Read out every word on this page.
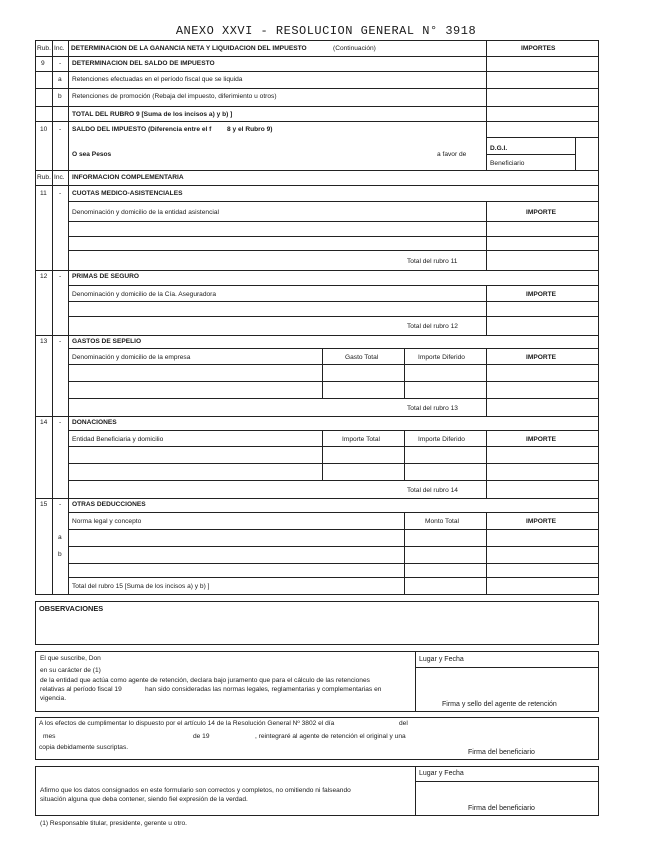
ANEXO XXVI - RESOLUCION GENERAL N° 3918
Rub. Inc. DETERMINACION DE LA GANANCIA NETA Y LIQUIDACION DEL IMPUESTO	(Continuación)	IMPORTES
9 - DETERMINACION DEL SALDO DE IMPUESTO
a Retenciones efectuadas en el período fiscal que se liquida
b Retenciones de promoción (Rebaja del impuesto, diferimiento u otros)
TOTAL DEL RUBRO 9 [Suma de los incisos a) y b) ]
10 - SALDO DEL IMPUESTO (Diferencia entre el f 8 y el Rubro 9)
O sea Pesos	a favor de
D.G.I.
Beneficiario
Rub. Inc. INFORMACION COMPLEMENTARIA
11 - CUOTAS MEDICO-ASISTENCIALES
Denominación y domicilio de la entidad asistencial	IMPORTE
Total del rubro 11
12 - PRIMAS DE SEGURO
Denominación y domicilio de la Cía. Aseguradora	IMPORTE
Total del rubro 12
13 - GASTOS DE SEPELIO
Denominación y domicilio de la empresa	Gasto Total	Importe Diferido	IMPORTE
Total del rubro 13
14 - DONACIONES
Entidad Beneficiaria y domicilio	Importe Total	Importe Diferido	IMPORTE
Total del rubro 14
15 - OTRAS DEDUCCIONES
Norma legal y concepto	Monto Total	IMPORTE
a
b
Total del rubro 15 [Suma de los incisos a) y b) ]
OBSERVACIONES
El que suscribe, Don
en su carácter de (1)
de la entidad que actúa como agente de retención, declara bajo juramento que para el cálculo de las retenciones
relativas al período fiscal 19	han sido consideradas las normas legales, reglamentarias y complementarias en
vigencia.
Lugar y Fecha
Firma y sello del agente de retención
A los efectos de cumplimentar lo dispuesto por el artículo 14 de la Resolución General Nº 3802 el día	del
mes	de 19	, reintegraré al agente de retención el original y una
copia debidamente suscriptas.
Firma del beneficiario
Afirmo que los datos consignados en este formulario son correctos y completos, no omitiendo ni falseando
situación alguna que deba contener, siendo fiel expresión de la verdad.
Lugar y Fecha
Firma del beneficiario
(1) Responsable titular, presidente, gerente u otro.
